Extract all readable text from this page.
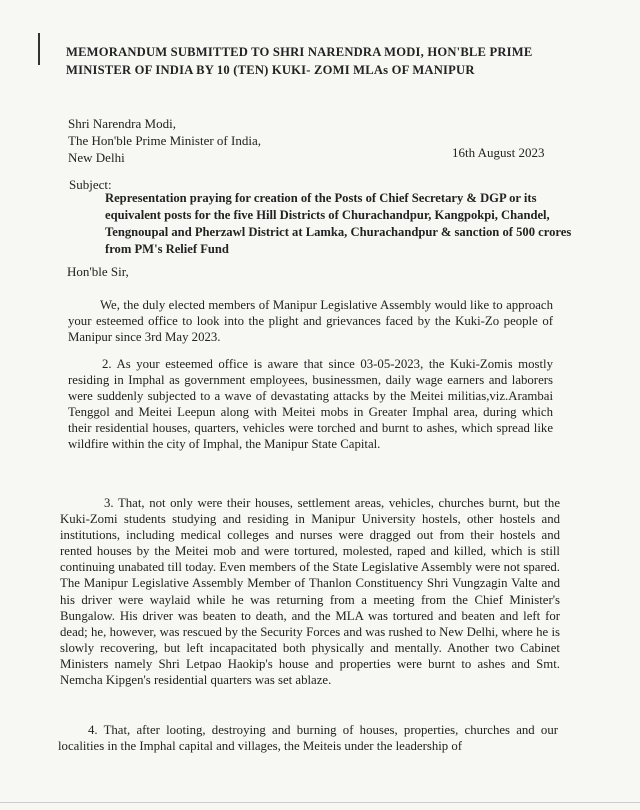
MEMORANDUM SUBMITTED TO SHRI NARENDRA MODI, HON'BLE PRIME MINISTER OF INDIA BY 10 (TEN) KUKI- ZOMI MLAs OF MANIPUR
Shri Narendra Modi,
The Hon'ble Prime Minister of India,
New Delhi	16th August 2023
Subject:
Representation praying for creation of the Posts of Chief Secretary & DGP or its equivalent posts for the five Hill Districts of Churachandpur, Kangpokpi, Chandel, Tengnoupal and Pherzawl District at Lamka, Churachandpur & sanction of 500 crores from PM's Relief Fund
Hon'ble Sir,
We, the duly elected members of Manipur Legislative Assembly would like to approach your esteemed office to look into the plight and grievances faced by the Kuki-Zo people of Manipur since 3rd May 2023.
2. As your esteemed office is aware that since 03-05-2023, the Kuki-Zomis mostly residing in Imphal as government employees, businessmen, daily wage earners and laborers were suddenly subjected to a wave of devastating attacks by the Meitei militias,viz.Arambai Tenggol and Meitei Leepun along with Meitei mobs in Greater Imphal area, during which their residential houses, quarters, vehicles were torched and burnt to ashes, which spread like wildfire within the city of Imphal, the Manipur State Capital.
3. That, not only were their houses, settlement areas, vehicles, churches burnt, but the Kuki-Zomi students studying and residing in Manipur University hostels, other hostels and institutions, including medical colleges and nurses were dragged out from their hostels and rented houses by the Meitei mob and were tortured, molested, raped and killed, which is still continuing unabated till today. Even members of the State Legislative Assembly were not spared. The Manipur Legislative Assembly Member of Thanlon Constituency Shri Vungzagin Valte and his driver were waylaid while he was returning from a meeting from the Chief Minister's Bungalow. His driver was beaten to death, and the MLA was tortured and beaten and left for dead; he, however, was rescued by the Security Forces and was rushed to New Delhi, where he is slowly recovering, but left incapacitated both physically and mentally. Another two Cabinet Ministers namely Shri Letpao Haokip's house and properties were burnt to ashes and Smt. Nemcha Kipgen's residential quarters was set ablaze.
4. That, after looting, destroying and burning of houses, properties, churches and our localities in the Imphal capital and villages, the Meiteis under the leadership of
